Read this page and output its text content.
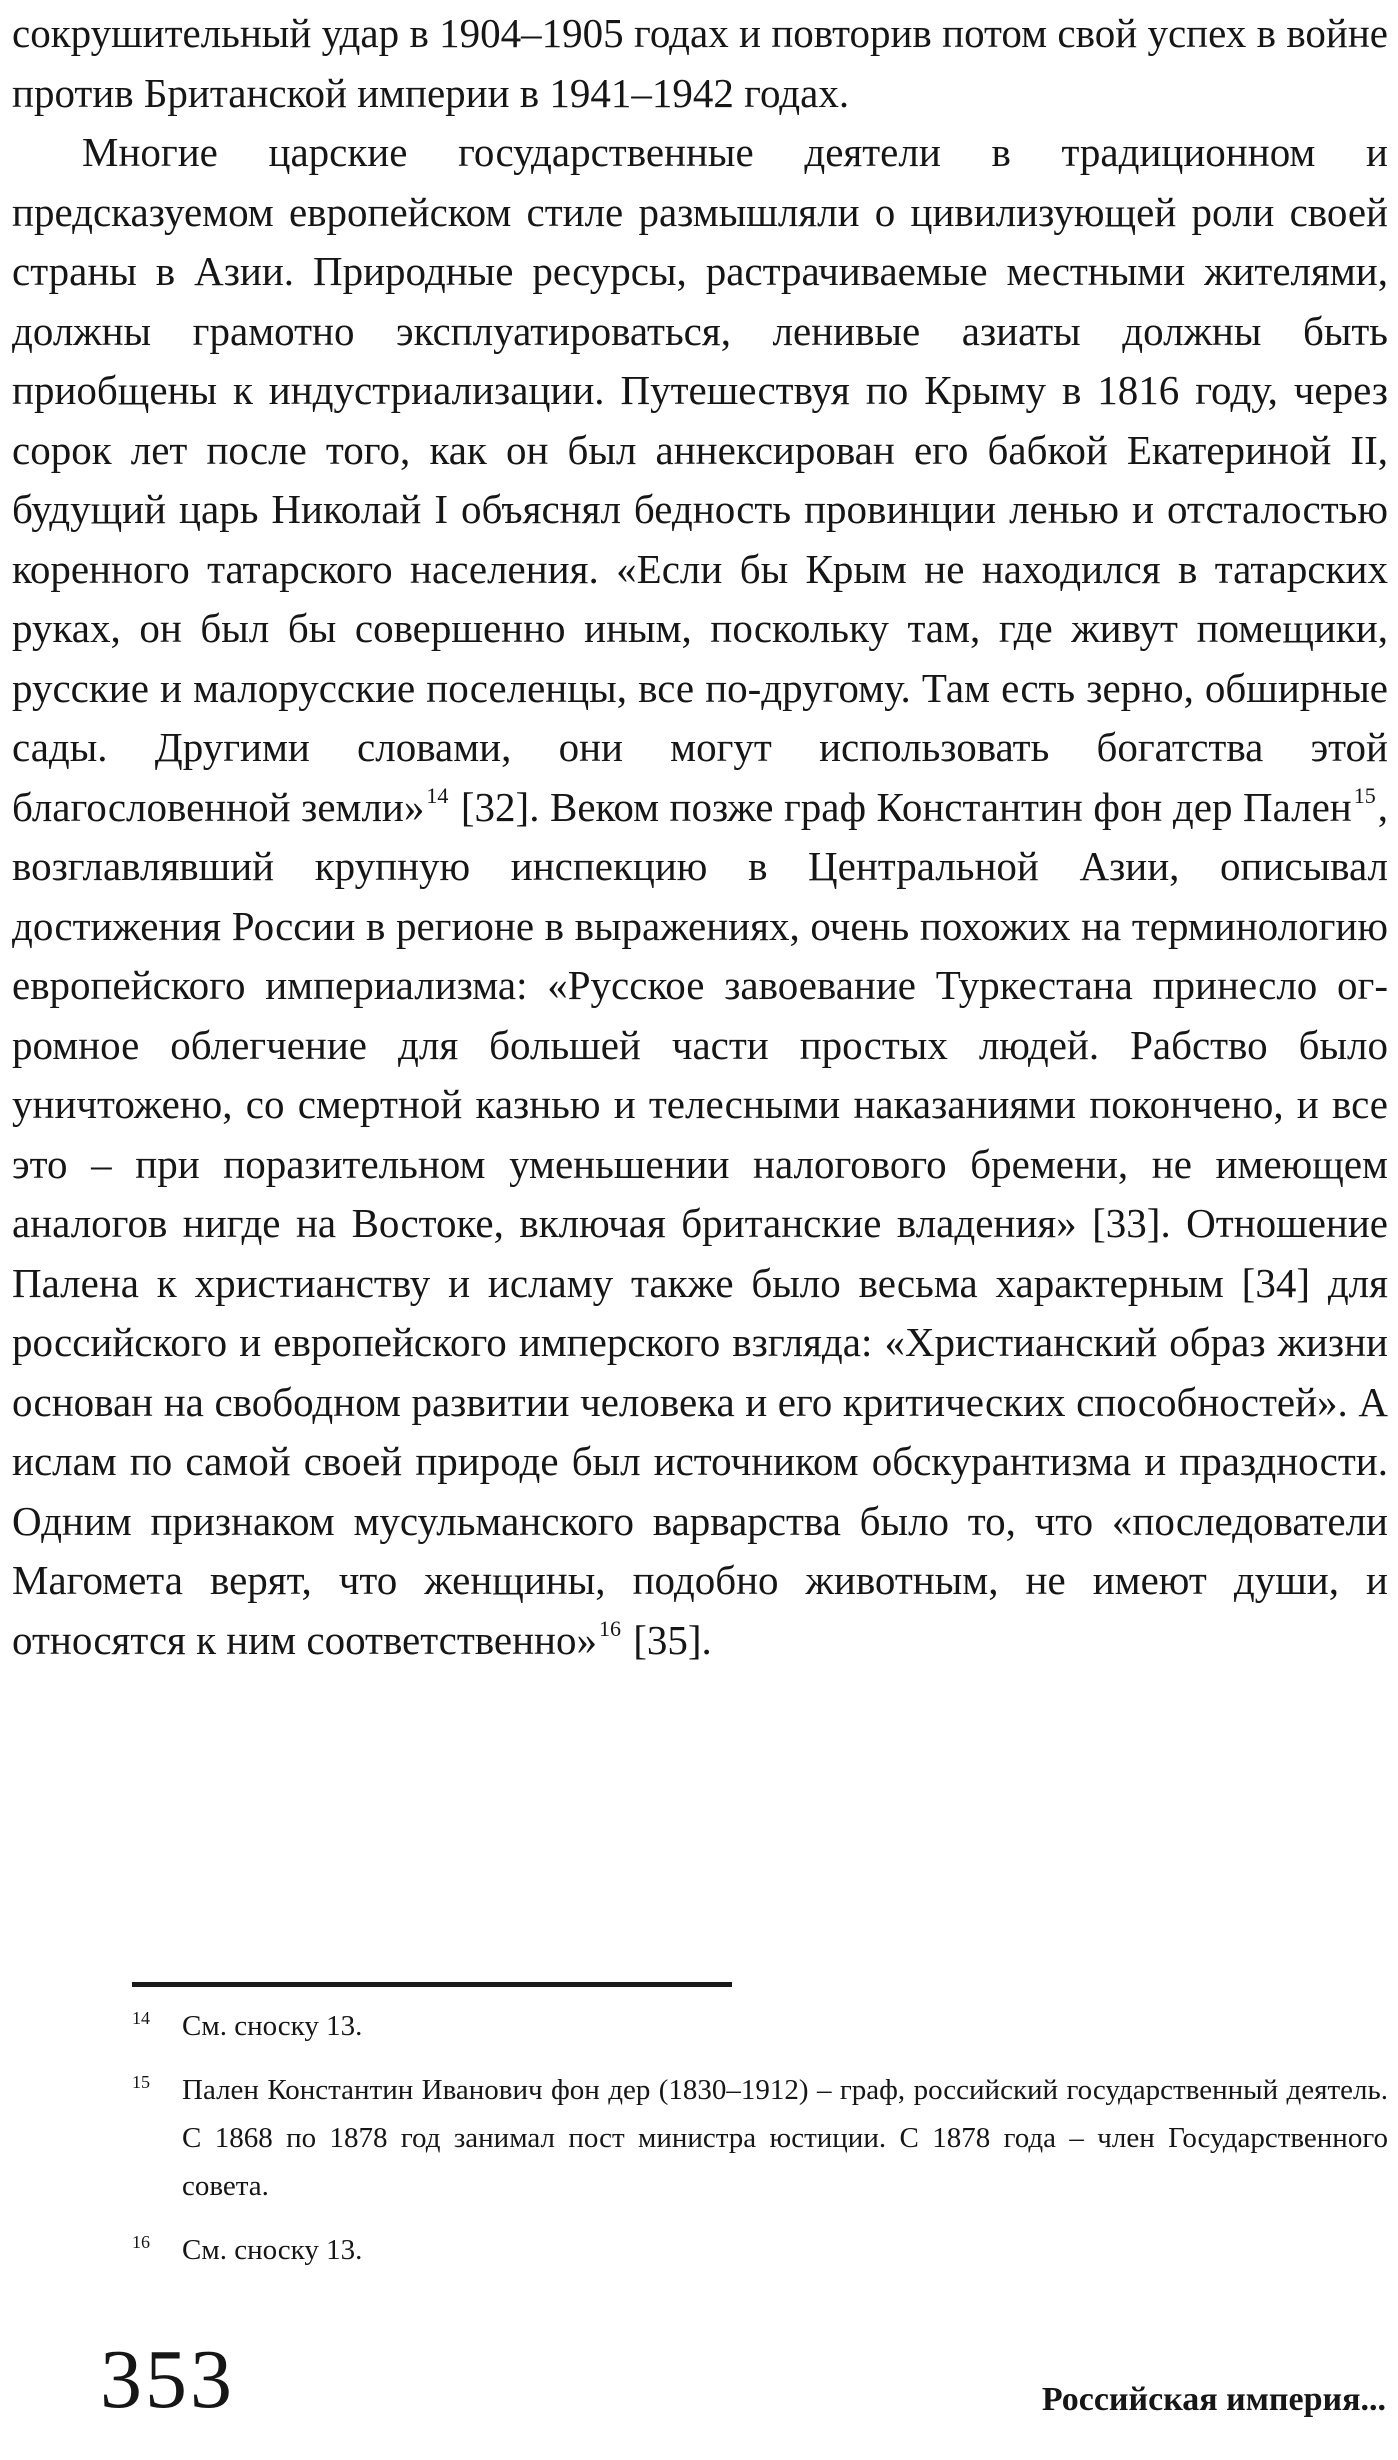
сокрушительный удар в 1904–1905 годах и повторив потом свой успех в войне против Британской империи в 1941–1942 годах.

Многие царские государственные деятели в традиционном и предсказуемом европейском стиле размышляли о цивилизующей роли своей страны в Азии. Природные ресурсы, растрачиваемые местными жителями, должны грамотно эксплуатироваться, ленивые азиаты должны быть приобщены к индустриализации. Путешествуя по Крыму в 1816 году, через сорок лет после того, как он был аннексирован его бабкой Екатериной II, будущий царь Николай I объяснял бедность провинции ленью и отсталостью коренного татарского населения. «Если бы Крым не находился в татарских руках, он был бы совершенно иным, поскольку там, где живут помещики, русские и малорусские поселенцы, все по-другому. Там есть зерно, обширные сады. Другими словами, они могут использовать богатства этой благословенной земли»$^{14}$ [32]. Веком позже граф Константин фон дер Пален$^{15}$, возглавлявший крупную инспекцию в Центральной Азии, описывал достижения России в регионе в выражениях, очень похожих на терминологию европейского империализма: «Русское завоевание Туркестана принесло огромное облегчение для большей части простых людей. Рабство было уничтожено, со смертной казнью и телесными наказаниями покончено, и все это – при поразительном уменьшении налогового бремени, не имеющем аналогов нигде на Востоке, включая британские владения» [33]. Отношение Палена к христианству и исламу также было весьма характерным [34] для российского и европейского имперского взгляда: «Христианский образ жизни основан на свободном развитии человека и его критических способностей». А ислам по самой своей природе был источником обскурантизма и праздности. Одним признаком мусульманского варварства было то, что «последователи Магомета верят, что женщины, подобно животным, не имеют души, и относятся к ним соответственно»$^{16}$ [35].

14 См. сноску 13.
15 Пален Константин Иванович фон дер (1830–1912) – граф, российский государственный деятель. С 1868 по 1878 год занимал пост министра юстиции. С 1878 года – член Государственного совета.
16 См. сноску 13.
353	Российская империя...
